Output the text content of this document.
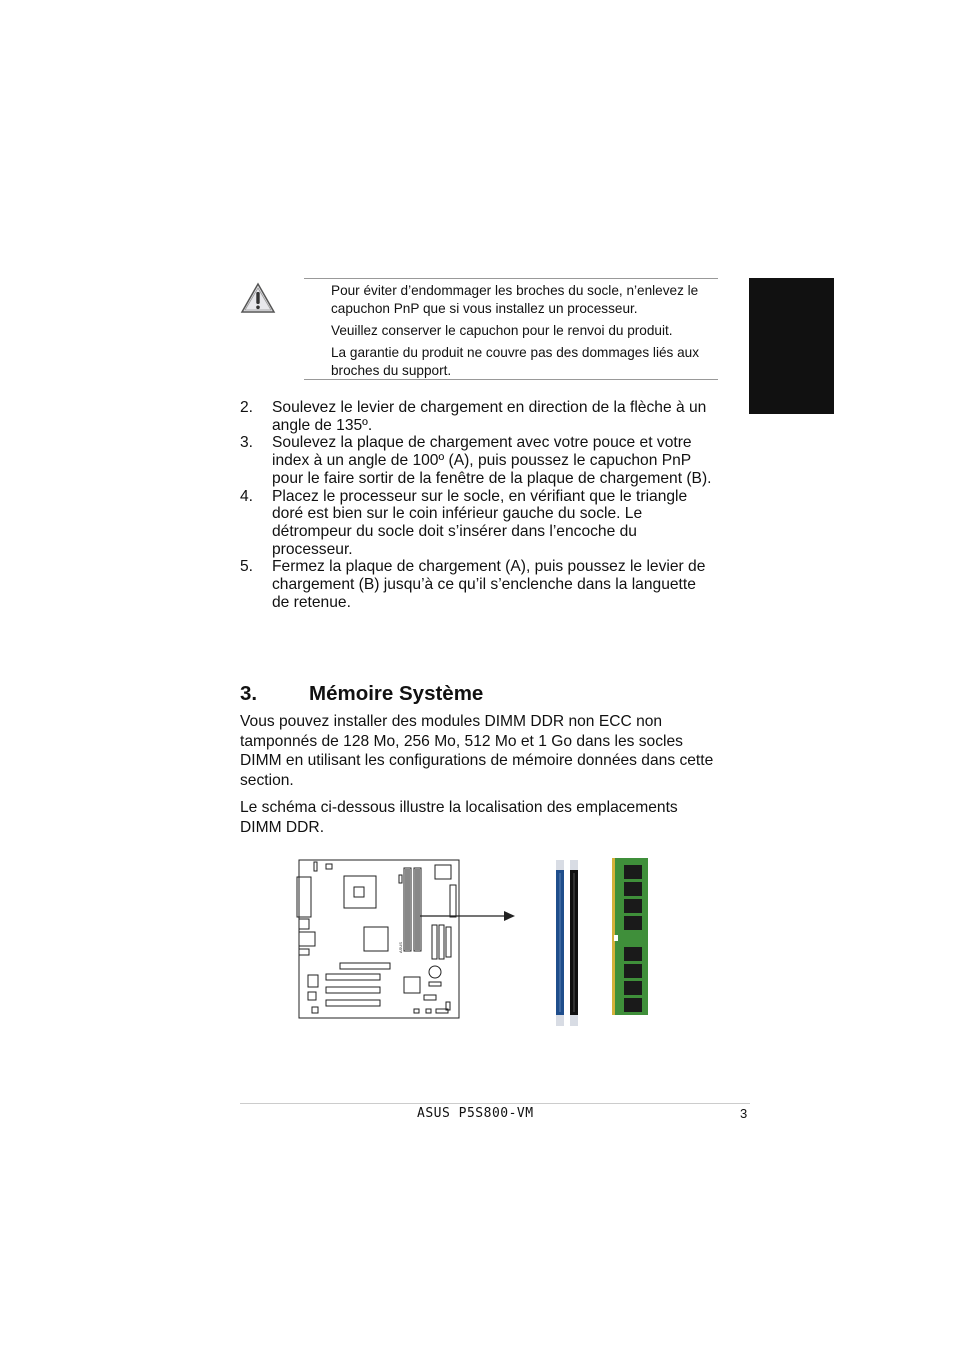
Pour éviter d’endommager les broches du socle, n’enlevez le capuchon PnP que si vous installez un processeur.

Veuillez conserver le capuchon pour le renvoi du produit.

La garantie du produit ne couvre pas des dommages liés aux broches du support.

2.	Soulevez le levier de chargement en direction de la flèche à un angle de 135º.
3.	Soulevez la plaque de chargement avec votre pouce et votre index à un angle de 100º (A), puis poussez le capuchon PnP pour le faire sortir de la fenêtre de la plaque de chargement (B).
4.	Placez le processeur sur le socle, en vérifiant que le triangle doré est bien sur le coin inférieur gauche du socle. Le détrompeur du socle doit s’insérer dans l’encoche du processeur.
5.	Fermez la plaque de chargement (A), puis poussez le levier de chargement (B) jusqu’à ce qu’il s’enclenche dans la languette de retenue.
3.	Mémoire Système

Vous pouvez installer des modules DIMM DDR non ECC non tamponnés de 128 Mo, 256 Mo, 512 Mo et 1 Go dans les socles DIMM en utilisant les configurations de mémoire données dans cette section.

Le schéma ci-dessous illustre la localisation des emplacements DIMM DDR.

ASUS
ASUS P5S800-VM	3
